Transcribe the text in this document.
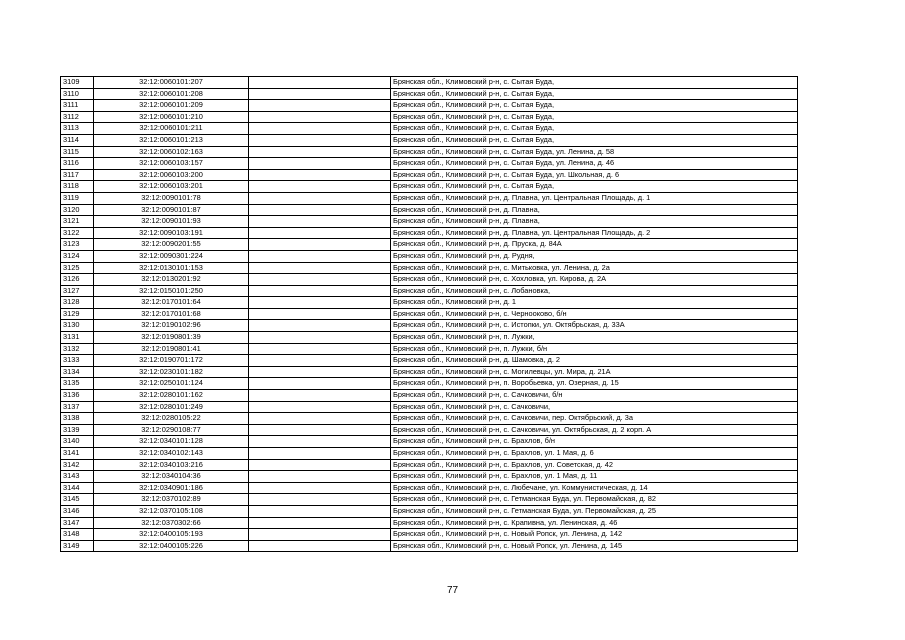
3109	32:12:0060101:207		Брянская обл., Климовский р-н, с. Сытая Буда,
3110	32:12:0060101:208		Брянская обл., Климовский р-н, с. Сытая Буда,
3111	32:12:0060101:209		Брянская обл., Климовский р-н, с. Сытая Буда,
3112	32:12:0060101:210		Брянская обл., Климовский р-н, с. Сытая Буда,
3113	32:12:0060101:211		Брянская обл., Климовский р-н, с. Сытая Буда,
3114	32:12:0060101:213		Брянская обл., Климовский р-н, с. Сытая Буда,
3115	32:12:0060102:163		Брянская обл., Климовский р-н, с. Сытая Буда, ул. Ленина, д. 58
3116	32:12:0060103:157		Брянская обл., Климовский р-н, с. Сытая Буда, ул. Ленина, д. 46
3117	32:12:0060103:200		Брянская обл., Климовский р-н, с. Сытая Буда, ул. Школьная, д. 6
3118	32:12:0060103:201		Брянская обл., Климовский р-н, с. Сытая Буда,
3119	32:12:0090101:78		Брянская обл., Климовский р-н, д. Плавна, ул. Центральная Площадь, д. 1
3120	32:12:0090101:87		Брянская обл., Климовский р-н, д. Плавна,
3121	32:12:0090101:93		Брянская обл., Климовский р-н, д. Плавна,
3122	32:12:0090103:191		Брянская обл., Климовский р-н, д. Плавна, ул. Центральная Площадь, д. 2
3123	32:12:0090201:55		Брянская обл., Климовский р-н, д. Пруска, д. 84А
3124	32:12:0090301:224		Брянская обл., Климовский р-н, д. Рудня,
3125	32:12:0130101:153		Брянская обл., Климовский р-н, с. Митьковка, ул. Ленина, д. 2а
3126	32:12:0130201:92		Брянская обл., Климовский р-н, с. Хохловка, ул. Кирова, д. 2А
3127	32:12:0150101:250		Брянская обл., Климовский р-н, с. Лобановка,
3128	32:12:0170101:64		Брянская обл., Климовский р-н, д. 1
3129	32:12:0170101:68		Брянская обл., Климовский р-н, с. Чернооково, б/н
3130	32:12:0190102:96		Брянская обл., Климовский р-н, с. Истопки, ул. Октябрьская, д. 33А
3131	32:12:0190801:39		Брянская обл., Климовский р-н, п. Лужки,
3132	32:12:0190801:41		Брянская обл., Климовский р-н, п. Лужки, б/н
3133	32:12:0190701:172		Брянская обл., Климовский р-н, д. Шамовка, д. 2
3134	32:12:0230101:182		Брянская обл., Климовский р-н, с. Могилевцы, ул. Мира, д. 21А
3135	32:12:0250101:124		Брянская обл., Климовский р-н, п. Воробьевка, ул. Озерная, д. 15
3136	32:12:0280101:162		Брянская обл., Климовский р-н, с. Сачковичи, б/н
3137	32:12:0280101:249		Брянская обл., Климовский р-н, с. Сачковичи,
3138	32:12:0280105:22		Брянская обл., Климовский р-н, с. Сачковичи, пер. Октябрьский, д. 3а
3139	32:12:0290108:77		Брянская обл., Климовский р-н, с. Сачковичи, ул. Октябрьская, д. 2 корп. А
3140	32:12:0340101:128		Брянская обл., Климовский р-н, с. Брахлов, б/н
3141	32:12:0340102:143		Брянская обл., Климовский р-н, с. Брахлов, ул. 1 Мая, д. 6
3142	32:12:0340103:216		Брянская обл., Климовский р-н, с. Брахлов, ул. Советская, д. 42
3143	32:12:0340104:36		Брянская обл., Климовский р-н, с. Брахлов, ул. 1 Мая, д. 11
3144	32:12:0340901:186		Брянская обл., Климовский р-н, с. Любечане, ул. Коммунистическая, д. 14
3145	32:12:0370102:89		Брянская обл., Климовский р-н, с. Гетманская Буда, ул. Первомайская, д. 82
3146	32:12:0370105:108		Брянская обл., Климовский р-н, с. Гетманская Буда, ул. Первомайская, д. 25
3147	32:12:0370302:66		Брянская обл., Климовский р-н, с. Крапивна, ул. Ленинская, д. 46
3148	32:12:0400105:193		Брянская обл., Климовский р-н, с. Новый Ропск, ул. Ленина, д. 142
3149	32:12:0400105:226		Брянская обл., Климовский р-н, с. Новый Ропск, ул. Ленина, д. 145
77
